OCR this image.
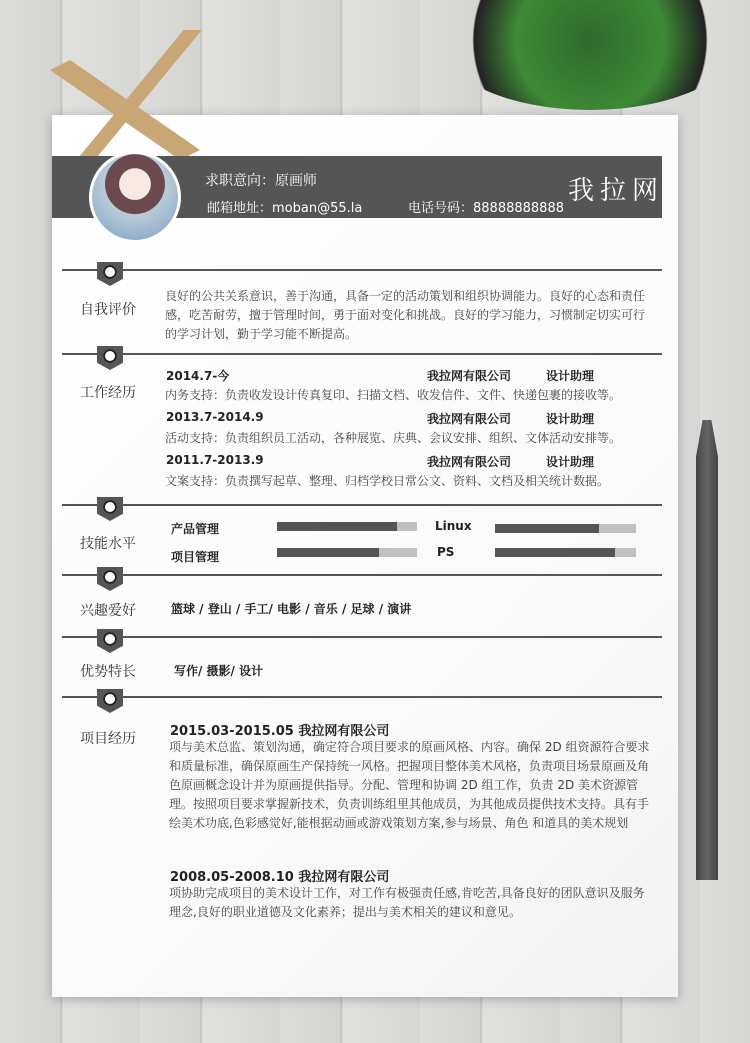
求职意向：原画师
邮箱地址：moban@55.la	电话号码：88888888888
我拉网
自我评价
良好的公共关系意识，善于沟通，具备一定的活动策划和组织协调能力。良好的心态和责任感，吃苦耐劳，擅于管理时间，勇于面对变化和挑战。良好的学习能力，习惯制定切实可行的学习计划，勤于学习能不断提高。
工作经历
2014.7-今	我拉网有限公司	设计助理
内务支持：负责收发设计传真复印、扫描文档、收发信件、文件、快递包裹的接收等。
2013.7-2014.9	我拉网有限公司	设计助理
活动支持：负责组织员工活动，各种展览、庆典、会议安排、组织、文体活动安排等。
2011.7-2013.9	我拉网有限公司	设计助理
文案支持：负责撰写起草、整理、归档学校日常公文、资料、文档及相关统计数据。
技能水平
产品管理	Linux
项目管理	PS
兴趣爱好	篮球 / 登山 / 手工/ 电影 / 音乐 / 足球 / 演讲
优势特长	写作/ 摄影/ 设计
项目经历	2015.03-2015.05 我拉网有限公司
项与美术总监、策划沟通，确定符合项目要求的原画风格、内容。确保 2D 组资源符合要求和质量标准，确保原画生产保持统一风格。把握项目整体美术风格，负责项目场景原画及角色原画概念设计并为原画提供指导。分配、管理和协调 2D 组工作，负责 2D 美术资源管理。按照项目要求掌握新技术，负责训练组里其他成员，为其他成员提供技术支持。具有手绘美术功底,色彩感觉好,能根据动画或游戏策划方案,参与场景、角色 和道具的美术规划
2008.05-2008.10 我拉网有限公司
项协助完成项目的美术设计工作，对工作有极强责任感,肯吃苦,具备良好的团队意识及服务理念,良好的职业道德及文化素养；提出与美术相关的建议和意见。
